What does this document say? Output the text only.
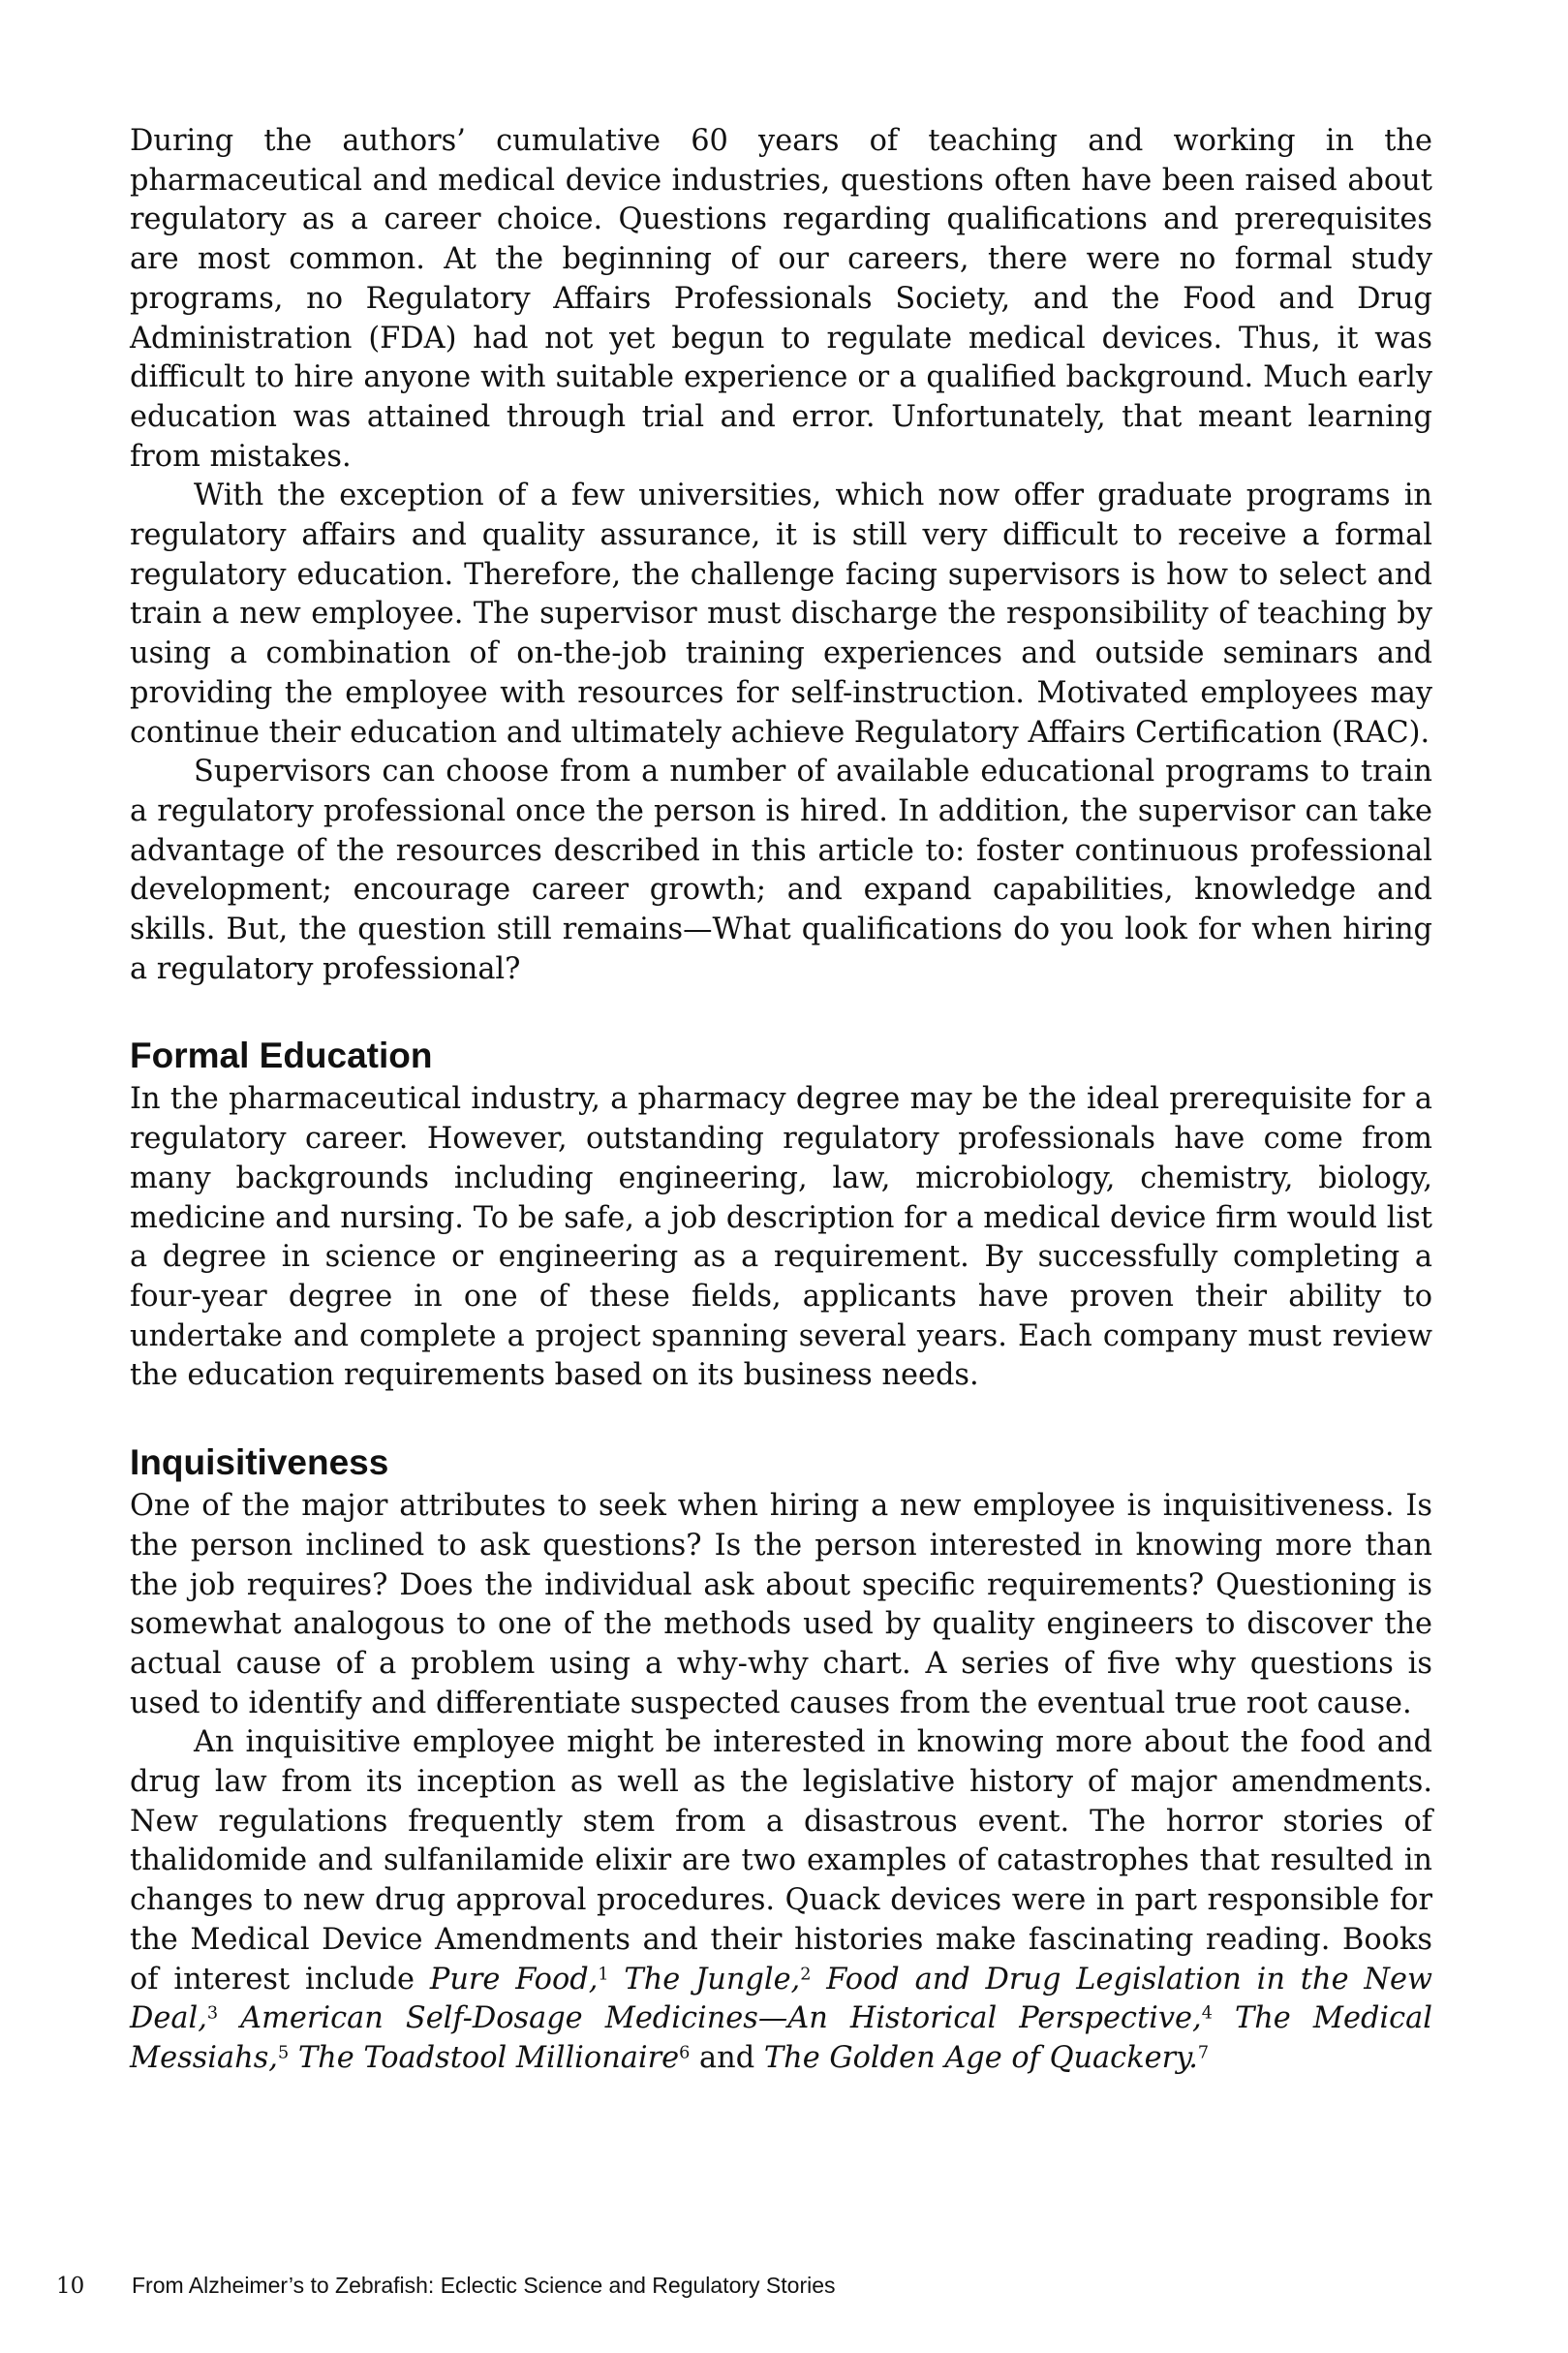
During the authors’ cumulative 60 years of teaching and working in the pharmaceutical and medical device industries, questions often have been raised about regulatory as a career choice. Questions regarding qualifications and prerequisites are most common. At the beginning of our careers, there were no formal study programs, no Regulatory Affairs Professionals Society, and the Food and Drug Administration (FDA) had not yet begun to regulate medical devices. Thus, it was difficult to hire anyone with suitable experience or a qualified background. Much early education was attained through trial and error. Unfortunately, that meant learning from mistakes.

With the exception of a few universities, which now offer graduate programs in regulatory affairs and quality assurance, it is still very difficult to receive a formal regulatory education. Therefore, the challenge facing supervisors is how to select and train a new employee. The supervisor must discharge the responsibility of teaching by using a combination of on-the-job training experiences and outside seminars and providing the employee with resources for self-instruction. Motivated employees may continue their education and ultimately achieve Regulatory Affairs Certification (RAC).

Supervisors can choose from a number of available educational programs to train a regulatory professional once the person is hired. In addition, the supervisor can take advantage of the resources described in this article to: foster continuous professional development; encourage career growth; and expand capabilities, knowledge and skills. But, the question still remains—What qualifications do you look for when hiring a regulatory professional?

Formal Education

In the pharmaceutical industry, a pharmacy degree may be the ideal prerequisite for a regulatory career. However, outstanding regulatory professionals have come from many backgrounds including engineering, law, microbiology, chemistry, biology, medicine and nursing. To be safe, a job description for a medical device firm would list a degree in science or engineering as a requirement. By successfully completing a four-year degree in one of these fields, applicants have proven their ability to undertake and complete a project spanning several years. Each company must review the education requirements based on its business needs.

Inquisitiveness

One of the major attributes to seek when hiring a new employee is inquisitiveness. Is the person inclined to ask questions? Is the person interested in knowing more than the job requires? Does the individual ask about specific requirements? Questioning is somewhat analogous to one of the methods used by quality engineers to discover the actual cause of a problem using a why-why chart. A series of five why questions is used to identify and differentiate suspected causes from the eventual true root cause.

An inquisitive employee might be interested in knowing more about the food and drug law from its inception as well as the legislative history of major amendments. New regulations frequently stem from a disastrous event. The horror stories of thalidomide and sulfanilamide elixir are two examples of catastrophes that resulted in changes to new drug approval procedures. Quack devices were in part responsible for the Medical Device Amendments and their histories make fascinating reading. Books of interest include Pure Food,$^1$ The Jungle,$^2$ Food and Drug Legislation in the New Deal,$^3$ American Self-Dosage Medicines—An Historical Perspective,$^4$ The Medical Messiahs,$^5$ The Toadstool Millionaire$^6$ and The Golden Age of Quackery.$^7$

10 From Alzheimer’s to Zebrafish: Eclectic Science and Regulatory Stories
